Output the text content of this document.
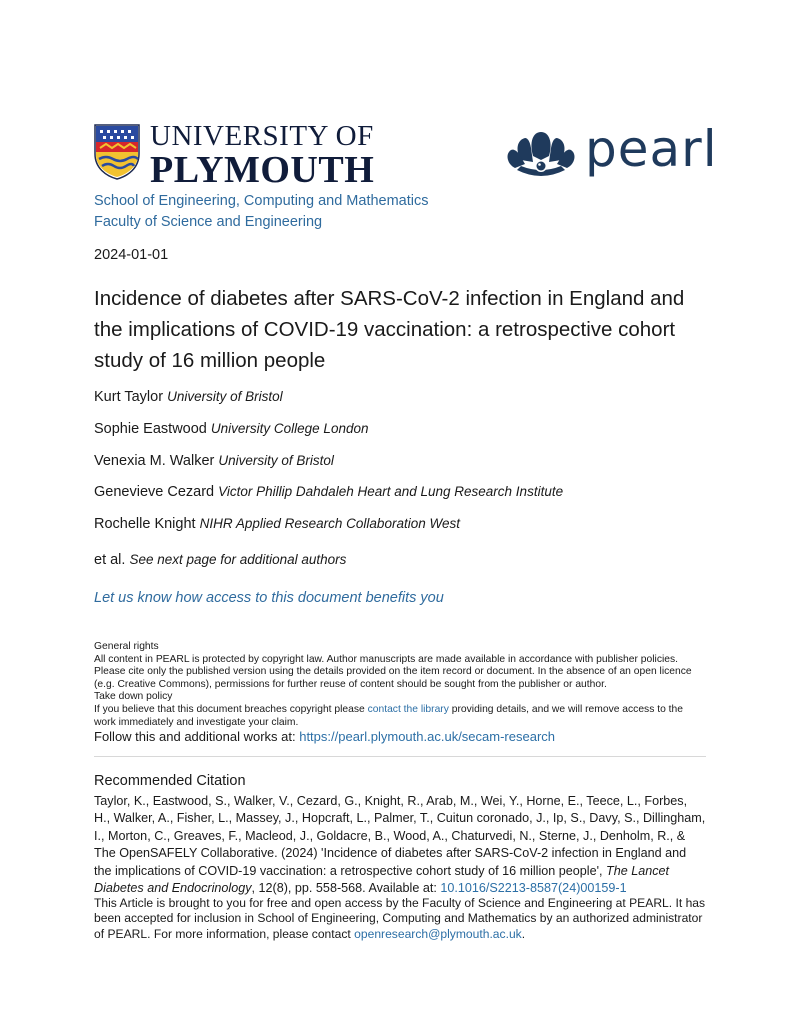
UNIVERSITY OF
PLYMOUTH	pearl
School of Engineering, Computing and Mathematics
Faculty of Science and Engineering
2024-01-01
Incidence of diabetes after SARS-CoV-2 infection in England and the implications of COVID-19 vaccination: a retrospective cohort study of 16 million people
Kurt Taylor University of Bristol
Sophie Eastwood University College London
Venexia M. Walker University of Bristol
Genevieve Cezard Victor Phillip Dahdaleh Heart and Lung Research Institute
Rochelle Knight NIHR Applied Research Collaboration West
et al. See next page for additional authors
Let us know how access to this document benefits you
General rights
All content in PEARL is protected by copyright law. Author manuscripts are made available in accordance with publisher policies. Please cite only the published version using the details provided on the item record or document. In the absence of an open licence (e.g. Creative Commons), permissions for further reuse of content should be sought from the publisher or author.
Take down policy
If you believe that this document breaches copyright please contact the library providing details, and we will remove access to the work immediately and investigate your claim.
Follow this and additional works at: https://pearl.plymouth.ac.uk/secam-research
Recommended Citation
Taylor, K., Eastwood, S., Walker, V., Cezard, G., Knight, R., Arab, M., Wei, Y., Horne, E., Teece, L., Forbes, H., Walker, A., Fisher, L., Massey, J., Hopcraft, L., Palmer, T., Cuitun coronado, J., Ip, S., Davy, S., Dillingham, I., Morton, C., Greaves, F., Macleod, J., Goldacre, B., Wood, A., Chaturvedi, N., Sterne, J., Denholm, R., & The OpenSAFELY Collaborative. (2024) 'Incidence of diabetes after SARS-CoV-2 infection in England and the implications of COVID-19 vaccination: a retrospective cohort study of 16 million people', The Lancet Diabetes and Endocrinology, 12(8), pp. 558-568. Available at: 10.1016/S2213-8587(24)00159-1
This Article is brought to you for free and open access by the Faculty of Science and Engineering at PEARL. It has been accepted for inclusion in School of Engineering, Computing and Mathematics by an authorized administrator of PEARL. For more information, please contact openresearch@plymouth.ac.uk.
